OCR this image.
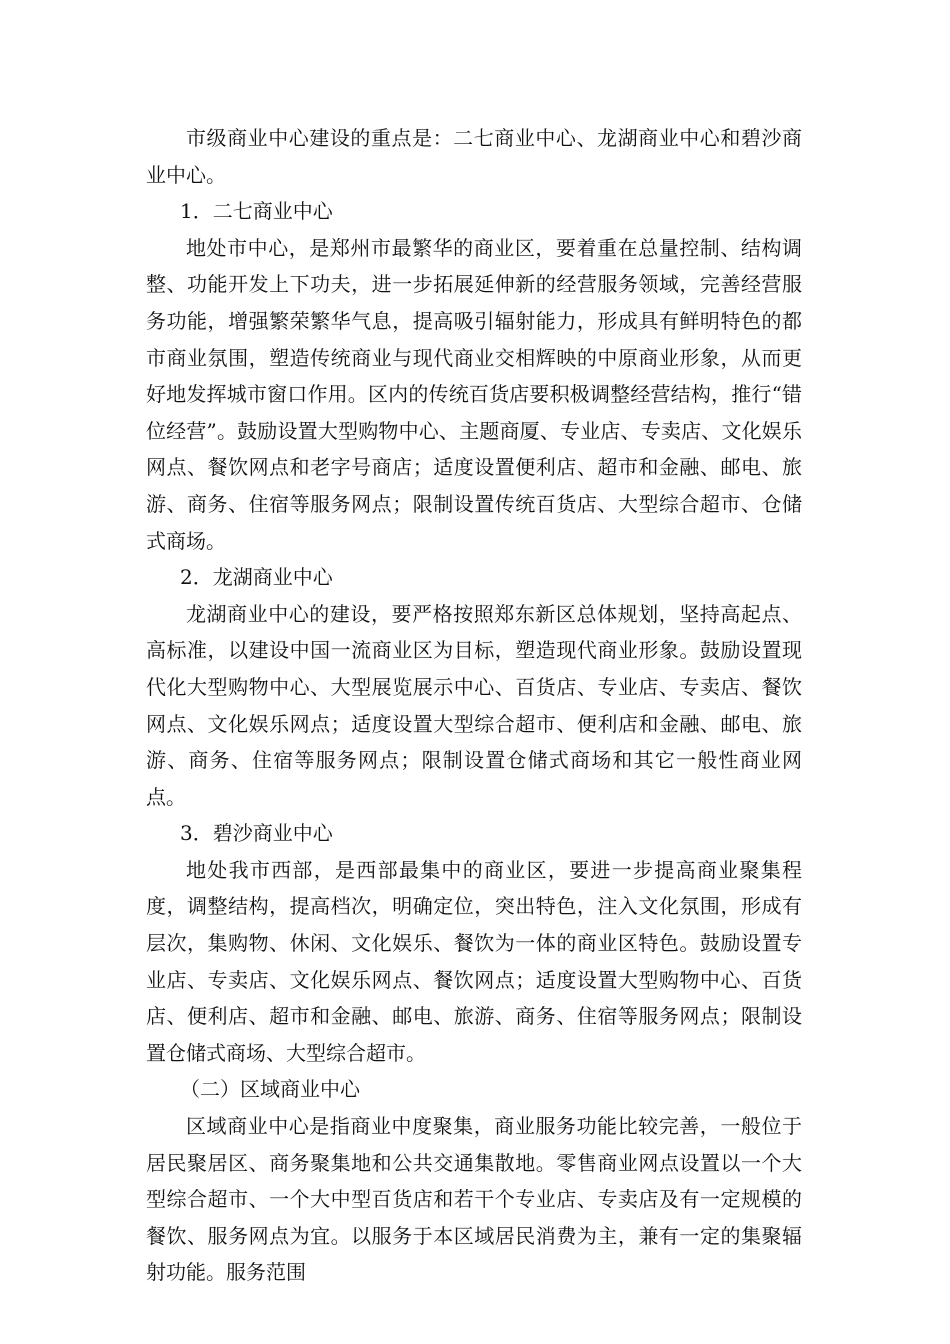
市级商业中心建设的重点是：二七商业中心、龙湖商业中心和碧沙商业中心。

1．二七商业中心

地处市中心，是郑州市最繁华的商业区，要着重在总量控制、结构调整、功能开发上下功夫，进一步拓展延伸新的经营服务领域，完善经营服务功能，增强繁荣繁华气息，提高吸引辐射能力，形成具有鲜明特色的都市商业氛围，塑造传统商业与现代商业交相辉映的中原商业形象，从而更好地发挥城市窗口作用。区内的传统百货店要积极调整经营结构，推行“错位经营”。鼓励设置大型购物中心、主题商厦、专业店、专卖店、文化娱乐网点、餐饮网点和老字号商店；适度设置便利店、超市和金融、邮电、旅游、商务、住宿等服务网点；限制设置传统百货店、大型综合超市、仓储式商场。

2．龙湖商业中心

龙湖商业中心的建设，要严格按照郑东新区总体规划，坚持高起点、高标准，以建设中国一流商业区为目标，塑造现代商业形象。鼓励设置现代化大型购物中心、大型展览展示中心、百货店、专业店、专卖店、餐饮网点、文化娱乐网点；适度设置大型综合超市、便利店和金融、邮电、旅游、商务、住宿等服务网点；限制设置仓储式商场和其它一般性商业网点。

3．碧沙商业中心

地处我市西部，是西部最集中的商业区，要进一步提高商业聚集程度，调整结构，提高档次，明确定位，突出特色，注入文化氛围，形成有层次，集购物、休闲、文化娱乐、餐饮为一体的商业区特色。鼓励设置专业店、专卖店、文化娱乐网点、餐饮网点；适度设置大型购物中心、百货店、便利店、超市和金融、邮电、旅游、商务、住宿等服务网点；限制设置仓储式商场、大型综合超市。

（二）区域商业中心

区域商业中心是指商业中度聚集，商业服务功能比较完善，一般位于居民聚居区、商务聚集地和公共交通集散地。零售商业网点设置以一个大型综合超市、一个大中型百货店和若干个专业店、专卖店及有一定规模的餐饮、服务网点为宜。以服务于本区域居民消费为主，兼有一定的集聚辐射功能。服务范围
